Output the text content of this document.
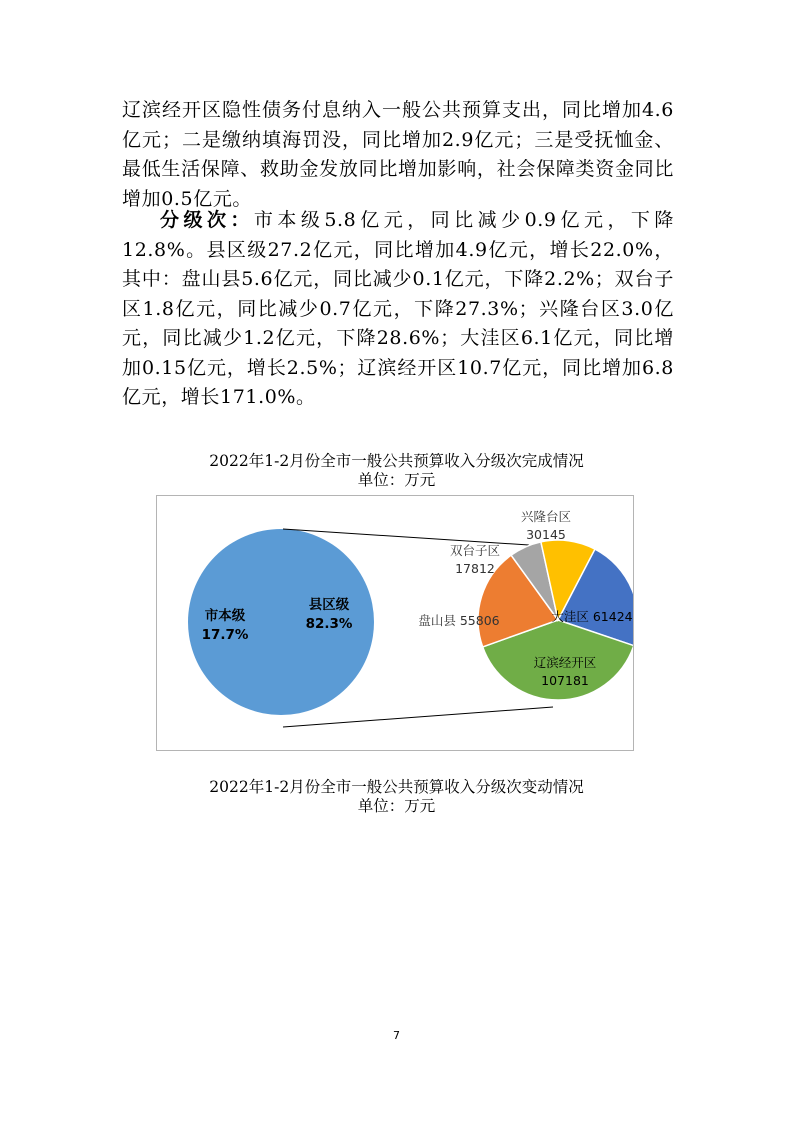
辽滨经开区隐性债务付息纳入一般公共预算支出，同比增加4.6亿元；二是缴纳填海罚没，同比增加2.9亿元；三是受抚恤金、最低生活保障、救助金发放同比增加影响，社会保障类资金同比增加0.5亿元。

分级次：市本级5.8亿元，同比减少0.9亿元，下降12.8%。县区级27.2亿元，同比增加4.9亿元，增长22.0%，其中：盘山县5.6亿元，同比减少0.1亿元，下降2.2%；双台子区1.8亿元，同比减少0.7亿元，下降27.3%；兴隆台区3.0亿元，同比减少1.2亿元，下降28.6%；大洼区6.1亿元，同比增加0.15亿元，增长2.5%；辽滨经开区10.7亿元，同比增加6.8亿元，增长171.0%。

2022年1-2月份全市一般公共预算收入分级次完成情况
单位：万元
市本级
17.7%
县区级
82.3%	大洼区 61424
辽滨经开区
107181
盘山县 55806
双台子区
17812
兴隆台区
30145
2022年1-2月份全市一般公共预算收入分级次变动情况
单位：万元
7
